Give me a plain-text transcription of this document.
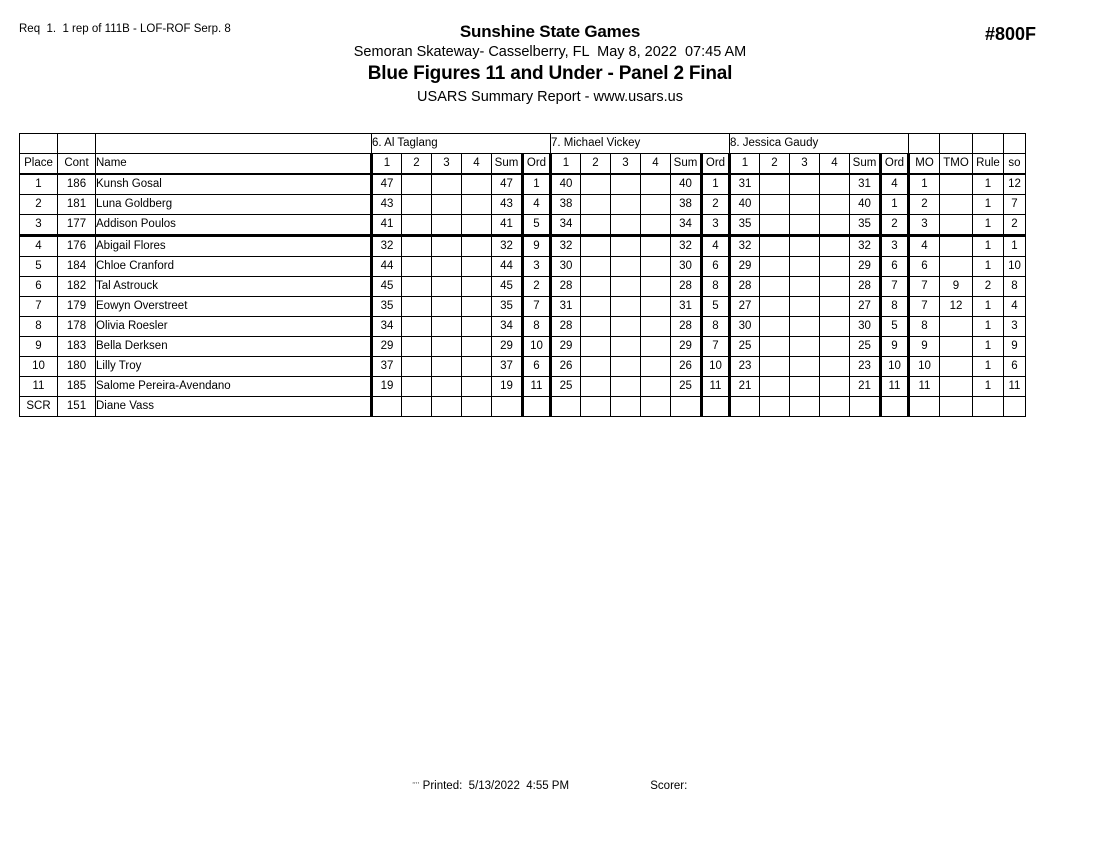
Req  1.  1 rep of 111B - LOF-ROF Serp. 8	#800F
Sunshine State Games
Semoran Skateway- Casselberry, FL  May 8, 2022  07:45 AM
Blue Figures 11 and Under - Panel 2 Final
USARS Summary Report - www.usars.us
			6. Al Taglang						7. Michael Vickey						8. Jessica Gaudy									
Place	Cont	Name	1	2	3	4	Sum	Ord	1	2	3	4	Sum	Ord	1	2	3	4	Sum	Ord	MO	TMO	Rule	so
1	186	Kunsh Gosal	47				47	1	40				40	1	31				31	4	1		1	12
2	181	Luna Goldberg	43				43	4	38				38	2	40				40	1	2		1	7
3	177	Addison Poulos	41				41	5	34				34	3	35				35	2	3		1	2
4	176	Abigail Flores	32				32	9	32				32	4	32				32	3	4		1	1
5	184	Chloe Cranford	44				44	3	30				30	6	29				29	6	6		1	10
6	182	Tal Astrouck	45				45	2	28				28	8	28				28	7	7	9	2	8
7	179	Eowyn Overstreet	35				35	7	31				31	5	27				27	8	7	12	1	4
8	178	Olivia Roesler	34				34	8	28				28	8	30				30	5	8		1	3
9	183	Bella Derksen	29				29	10	29				29	7	25				25	9	9		1	9
10	180	Lilly Troy	37				37	6	26				26	10	23				23	10	10		1	6
11	185	Salome Pereira-Avendano	19				19	11	25				25	11	21				21	11	11		1	11
SCR	151	Diane Vass																						
$^{ʳʳʳʳ}$ Printed:  5/13/2022  4:55 PM	Scorer:
